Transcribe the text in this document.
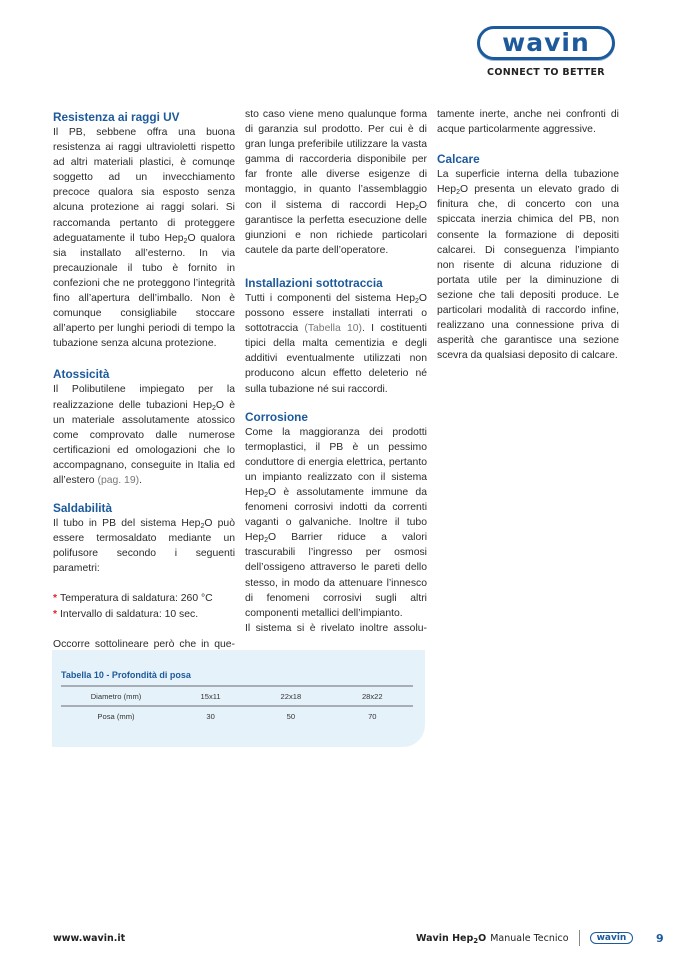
wavin
CONNECT TO BETTER
Resistenza ai raggi UV

Il PB, sebbene offra una buona resistenza ai raggi ultravioletti rispetto ad altri materiali plastici, è comunqe soggetto ad un invecchiamento precoce qualora sia esposto senza alcuna protezione ai raggi solari. Si raccomanda pertanto di proteggere adeguatamente il tubo Hep$_2$O qualora sia installato all’esterno. In via precauzionale il tubo è fornito in confezioni che ne proteggono l’integrità fino all’apertura dell’imballo. Non è comunque consigliabile stoccare all’aperto per lunghi periodi di tempo la tubazione senza alcuna protezione.

Atossicità

Il Polibutilene impiegato per la realizzazione delle tubazioni Hep$_2$O è un materiale assolutamente atossico come comprovato dalle numerose certificazioni ed omologazioni che lo accompagnano, conseguite in Italia ed all’estero (pag. 19).

Saldabilità

Il tubo in PB del sistema Hep$_2$O può essere termosaldato mediante un polifusore secondo i seguenti parametri:

* Temperatura di saldatura: 260 °C
* Intervallo di saldatura: 10 sec.

Occorre sottolineare però che in que-

sto caso viene meno qualunque forma di garanzia sul prodotto. Per cui è di gran lunga preferibile utilizzare la vasta gamma di raccorderia disponibile per far fronte alle diverse esigenze di montaggio, in quanto l’assemblaggio con il sistema di raccordi Hep$_2$O garantisce la perfetta esecuzione delle giunzioni e non richiede particolari cautele da parte dell’operatore.

Installazioni sottotraccia

Tutti i componenti del sistema Hep$_2$O possono essere installati interrati o sottotraccia (Tabella 10). I costituenti tipici della malta cementizia e degli additivi eventualmente utilizzati non producono alcun effetto deleterio né sulla tubazione né sui raccordi.

Corrosione

Come la maggioranza dei prodotti termoplastici, il PB è un pessimo conduttore di energia elettrica, pertanto un impianto realizzato con il sistema Hep$_2$O è assolutamente immune da fenomeni corrosivi indotti da correnti vaganti o galvaniche. Inoltre il tubo Hep$_2$O Barrier riduce a valori trascurabili l’ingresso per osmosi dell’ossigeno attraverso le pareti dello stesso, in modo da attenuare l’innesco di fenomeni corrosivi sugli altri componenti metallici dell’impianto.

Il sistema si è rivelato inoltre assolu-

tamente inerte, anche nei confronti di acque particolarmente aggressive.

Calcare

La superficie interna della tubazione Hep$_2$O presenta un elevato grado di finitura che, di concerto con una spiccata inerzia chimica del PB, non consente la formazione di depositi calcarei. Di conseguenza l’impianto non risente di alcuna riduzione di portata utile per la diminuzione di sezione che tali depositi produce. Le particolari modalità di raccordo infine, realizzano una connessione priva di asperità che garantisce una sezione scevra da qualsiasi deposito di calcare.

Tabella 10 - Profondità di posa
Diametro (mm)	15x11	22x18	28x22
Posa (mm)	30	50	70
www.wavin.it	Wavin Hep$_2$O Manuale Tecnico	wavin	9
